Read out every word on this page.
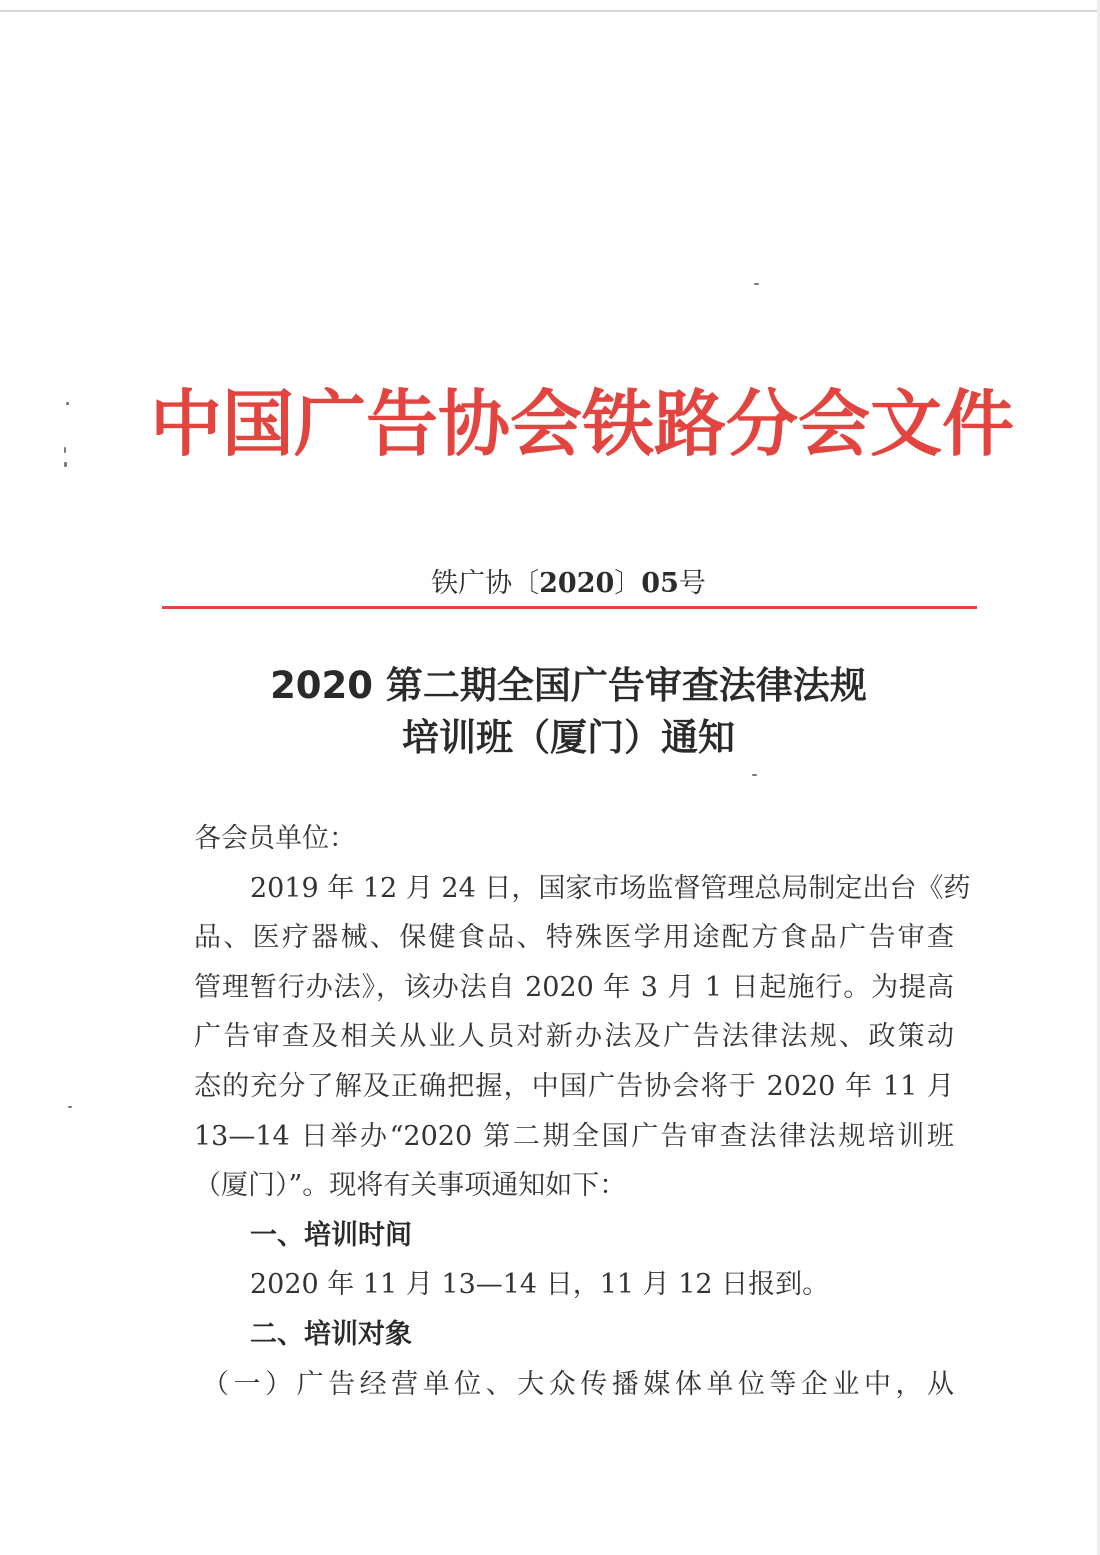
中国广告协会铁路分会文件
铁广协〔2020〕05号
2020 第二期全国广告审查法律法规
培训班（厦门）通知
各会员单位：
2019 年 12 月 24 日，国家市场监督管理总局制定出台《药
品、医疗器械、保健食品、特殊医学用途配方食品广告审查
管理暂行办法》，该办法自 2020 年 3 月 1 日起施行。为提高
广告审查及相关从业人员对新办法及广告法律法规、政策动
态的充分了解及正确把握，中国广告协会将于 2020 年 11 月
13—14 日举办“2020 第二期全国广告审查法律法规培训班
（厦门）”。现将有关事项通知如下：
一、培训时间
2020 年 11 月 13—14 日，11 月 12 日报到。
二、培训对象
（一）广告经营单位、大众传播媒体单位等企业中，从
